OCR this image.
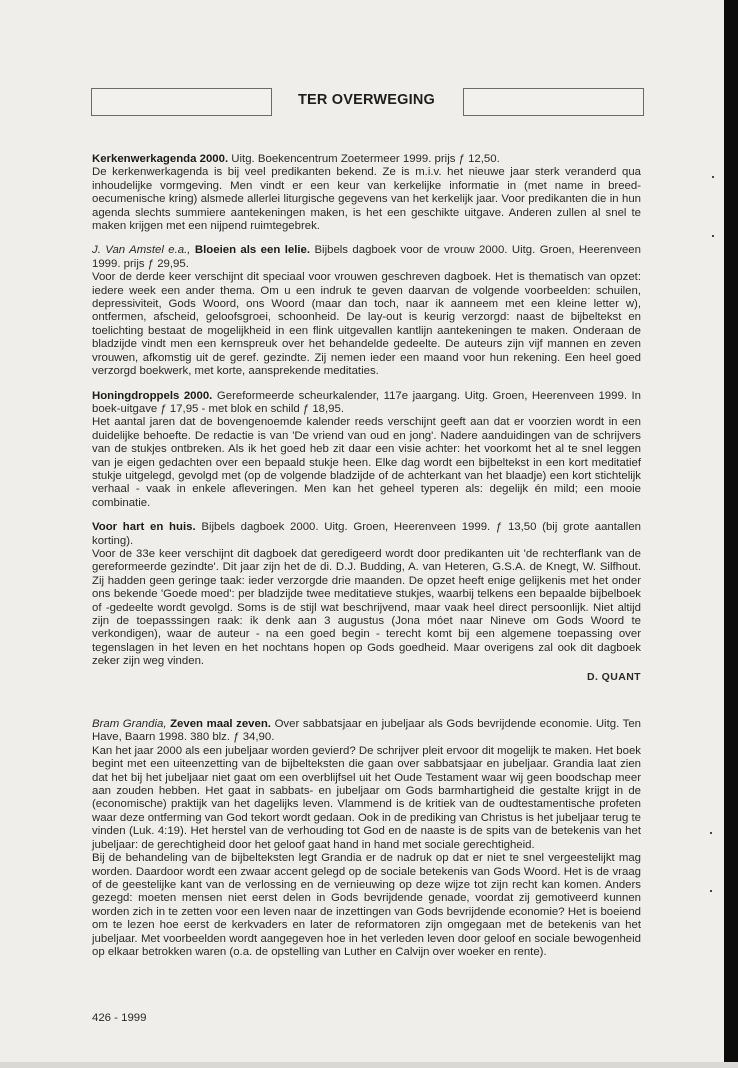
TER OVERWEGING

Kerkenwerkagenda 2000. Uitg. Boekencentrum Zoetermeer 1999. prijs ƒ 12,50.
De kerkenwerkagenda is bij veel predikanten bekend. Ze is m.i.v. het nieuwe jaar sterk veranderd qua inhoudelijke vormgeving. Men vindt er een keur van kerkelijke informatie in (met name in breed-oecumenische kring) alsmede allerlei liturgische gegevens van het kerkelijk jaar. Voor predikanten die in hun agenda slechts summiere aantekeningen maken, is het een geschikte uitgave. Anderen zullen al snel te maken krijgen met een nijpend ruimtegebrek.

J. Van Amstel e.a., Bloeien als een lelie. Bijbels dagboek voor de vrouw 2000. Uitg. Groen, Heerenveen 1999. prijs ƒ 29,95.
Voor de derde keer verschijnt dit speciaal voor vrouwen geschreven dagboek. Het is thematisch van opzet: iedere week een ander thema. Om u een indruk te geven daarvan de volgende voorbeelden: schuilen, depressiviteit, Gods Woord, ons Woord (maar dan toch, naar ik aanneem met een kleine letter w), ontfermen, afscheid, geloofsgroei, schoonheid. De lay-out is keurig verzorgd: naast de bijbeltekst en toelichting bestaat de mogelijkheid in een flink uitgevallen kantlijn aantekeningen te maken. Onderaan de bladzijde vindt men een kernspreuk over het behandelde gedeelte. De auteurs zijn vijf mannen en zeven vrouwen, afkomstig uit de geref. gezindte. Zij nemen ieder een maand voor hun rekening. Een heel goed verzorgd boekwerk, met korte, aansprekende meditaties.

Honingdroppels 2000. Gereformeerde scheurkalender, 117e jaargang. Uitg. Groen, Heerenveen 1999. In boek-uitgave ƒ 17,95 - met blok en schild ƒ 18,95.
Het aantal jaren dat de bovengenoemde kalender reeds verschijnt geeft aan dat er voorzien wordt in een duidelijke behoefte. De redactie is van 'De vriend van oud en jong'. Nadere aanduidingen van de schrijvers van de stukjes ontbreken. Als ik het goed heb zit daar een visie achter: het voorkomt het al te snel leggen van je eigen gedachten over een bepaald stukje heen. Elke dag wordt een bijbeltekst in een kort meditatief stukje uitgelegd, gevolgd met (op de volgende bladzijde of de achterkant van het blaadje) een kort stichtelijk verhaal - vaak in enkele afleveringen. Men kan het geheel typeren als: degelijk én mild; een mooie combinatie.

Voor hart en huis. Bijbels dagboek 2000. Uitg. Groen, Heerenveen 1999. ƒ 13,50 (bij grote aantallen korting).
Voor de 33e keer verschijnt dit dagboek dat geredigeerd wordt door predikanten uit 'de rechterflank van de gereformeerde gezindte'. Dit jaar zijn het de di. D.J. Budding, A. van Heteren, G.S.A. de Knegt, W. Silfhout. Zij hadden geen geringe taak: ieder verzorgde drie maanden. De opzet heeft enige gelijkenis met het onder ons bekende 'Goede moed': per bladzijde twee meditatieve stukjes, waarbij telkens een bepaalde bijbelboek of -gedeelte wordt gevolgd. Soms is de stijl wat beschrijvend, maar vaak heel direct persoonlijk. Niet altijd zijn de toepasssingen raak: ik denk aan 3 augustus (Jona móet naar Nineve om Gods Woord te verkondigen), waar de auteur - na een goed begin - terecht komt bij een algemene toepassing over tegenslagen in het leven en het nochtans hopen op Gods goedheid. Maar overigens zal ook dit dagboek zeker zijn weg vinden.

D. QUANT

Bram Grandia, Zeven maal zeven. Over sabbatsjaar en jubeljaar als Gods bevrijdende economie. Uitg. Ten Have, Baarn 1998. 380 blz. ƒ 34,90.
Kan het jaar 2000 als een jubeljaar worden gevierd? De schrijver pleit ervoor dit mogelijk te maken. Het boek begint met een uiteenzetting van de bijbelteksten die gaan over sabbatsjaar en jubeljaar. Grandia laat zien dat het bij het jubeljaar niet gaat om een overblijfsel uit het Oude Testament waar wij geen boodschap meer aan zouden hebben. Het gaat in sabbats- en jubeljaar om Gods barmhartigheid die gestalte krijgt in de (economische) praktijk van het dagelijks leven. Vlammend is de kritiek van de oudtestamentische profeten waar deze ontferming van God tekort wordt gedaan. Ook in de prediking van Christus is het jubeljaar terug te vinden (Luk. 4:19). Het herstel van de verhouding tot God en de naaste is de spits van de betekenis van het jubeljaar: de gerechtigheid door het geloof gaat hand in hand met sociale gerechtigheid.
Bij de behandeling van de bijbelteksten legt Grandia er de nadruk op dat er niet te snel vergeestelijkt mag worden. Daardoor wordt een zwaar accent gelegd op de sociale betekenis van Gods Woord. Het is de vraag of de geestelijke kant van de verlossing en de vernieuwing op deze wijze tot zijn recht kan komen. Anders gezegd: moeten mensen niet eerst delen in Gods bevrijdende genade, voordat zij gemotiveerd kunnen worden zich in te zetten voor een leven naar de inzettingen van Gods bevrijdende economie? Het is boeiend om te lezen hoe eerst de kerkvaders en later de reformatoren zijn omgegaan met de betekenis van het jubeljaar. Met voorbeelden wordt aangegeven hoe in het verleden leven door geloof en sociale bewogenheid op elkaar betrokken waren (o.a. de opstelling van Luther en Calvijn over woeker en rente).

426 - 1999
